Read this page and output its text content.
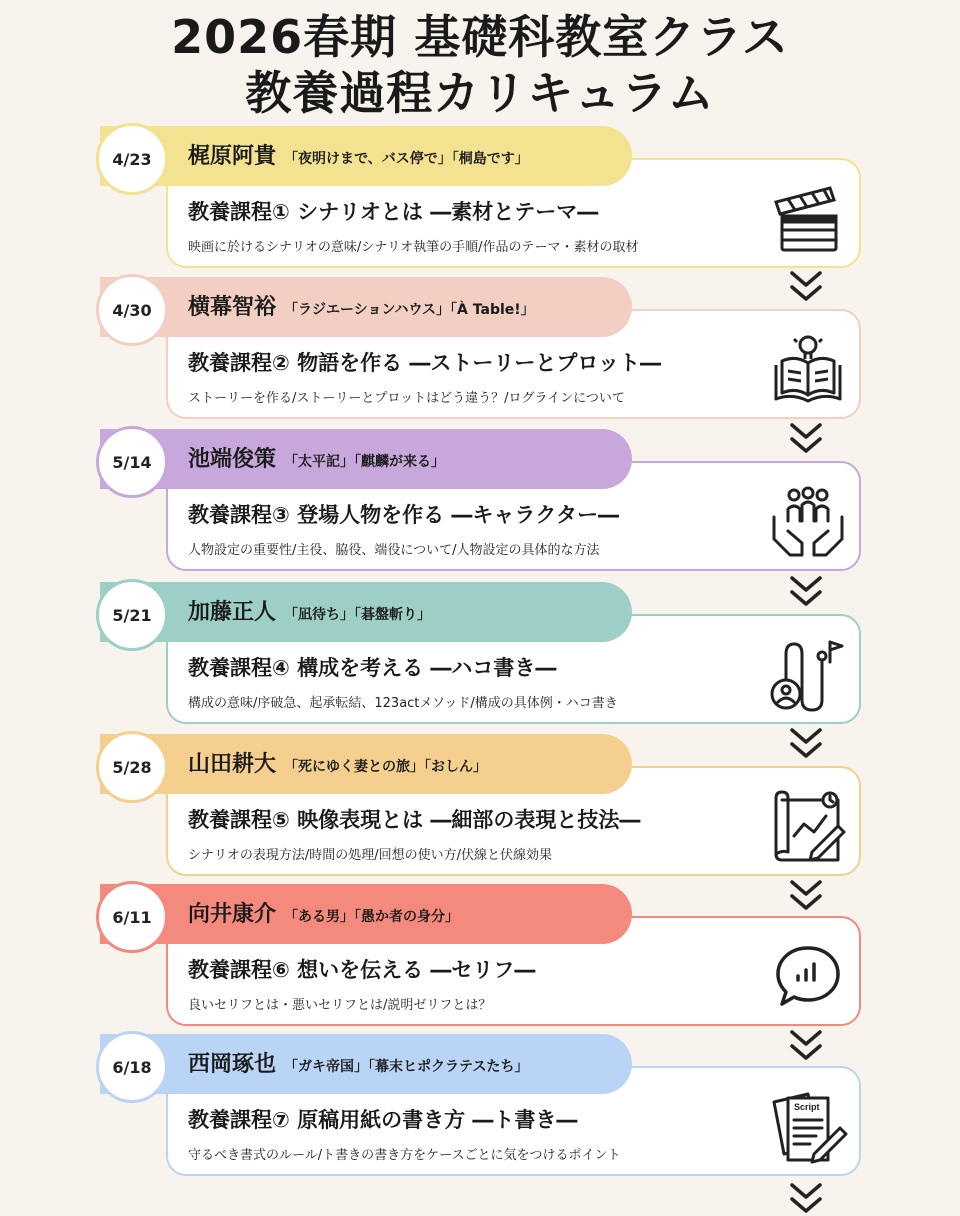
2026春期 基礎科教室クラス
教養過程カリキュラム
教養課程① シナリオとは ―素材とテーマ―
映画に於けるシナリオの意味/シナリオ執筆の手順/作品のテーマ・素材の取材
4/23	梶原阿貴 「夜明けまで、バス停で」「桐島です」
教養課程② 物語を作る ―ストーリーとプロット―
ストーリーを作る/ストーリーとプロットはどう違う？/ログラインについて
4/30	横幕智裕 「ラジエーションハウス」「À Table!」
教養課程③ 登場人物を作る ―キャラクター―
人物設定の重要性/主役、脇役、端役について/人物設定の具体的な方法
5/14	池端俊策 「太平記」「麒麟が来る」
教養課程④ 構成を考える ―ハコ書き―
構成の意味/序破急、起承転結、123actメソッド/構成の具体例・ハコ書き
5/21	加藤正人 「凪待ち」「碁盤斬り」
教養課程⑤ 映像表現とは ―細部の表現と技法―
シナリオの表現方法/時間の処理/回想の使い方/伏線と伏線効果
5/28	山田耕大 「死にゆく妻との旅」「おしん」
教養課程⑥ 想いを伝える ―セリフ―
良いセリフとは・悪いセリフとは/説明ゼリフとは？
6/11	向井康介 「ある男」「愚か者の身分」
教養課程⑦ 原稿用紙の書き方 ―ト書き―
守るべき書式のルール/ト書きの書き方をケースごとに気をつけるポイント
Script
6/18	西岡琢也 「ガキ帝国」「幕末ヒポクラテスたち」
